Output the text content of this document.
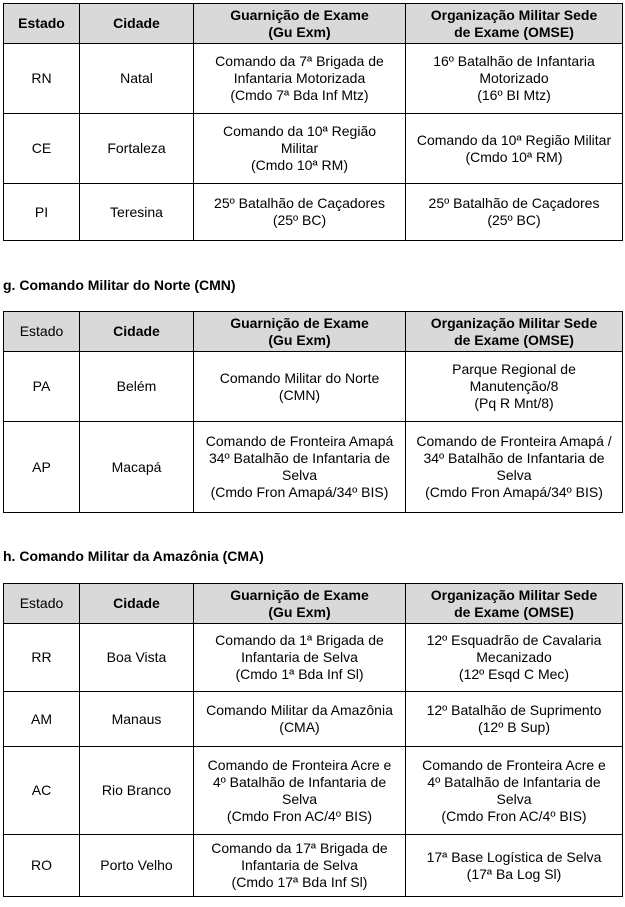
Estado	Cidade	Guarnição de Exame
(Gu Exm)	Organização Militar Sede
de Exame (OMSE)
RN	Natal	Comando da 7ª Brigada de
Infantaria Motorizada
(Cmdo 7ª Bda Inf Mtz)	16º Batalhão de Infantaria
Motorizado
(16º BI Mtz)
CE	Fortaleza	Comando da 10ª Região
Militar
(Cmdo 10ª RM)	Comando da 10ª Região Militar
(Cmdo 10ª RM)
PI	Teresina	25º Batalhão de Caçadores
(25º BC)	25º Batalhão de Caçadores
(25º BC)
g. Comando Militar do Norte (CMN)
Estado	Cidade	Guarnição de Exame
(Gu Exm)	Organização Militar Sede
de Exame (OMSE)
PA	Belém	Comando Militar do Norte
(CMN)	Parque Regional de
Manutenção/8
(Pq R Mnt/8)
AP	Macapá	Comando de Fronteira Amapá
34º Batalhão de Infantaria de
Selva
(Cmdo Fron Amapá/34º BIS)	Comando de Fronteira Amapá /
34º Batalhão de Infantaria de
Selva
(Cmdo Fron Amapá/34º BIS)
h. Comando Militar da Amazônia (CMA)
Estado	Cidade	Guarnição de Exame
(Gu Exm)	Organização Militar Sede
de Exame (OMSE)
RR	Boa Vista	Comando da 1ª Brigada de
Infantaria de Selva
(Cmdo 1ª Bda Inf Sl)	12º Esquadrão de Cavalaria
Mecanizado
(12º Esqd C Mec)
AM	Manaus	Comando Militar da Amazônia
(CMA)	12º Batalhão de Suprimento
(12º B Sup)
AC	Rio Branco	Comando de Fronteira Acre e
4º Batalhão de Infantaria de
Selva
(Cmdo Fron AC/4º BIS)	Comando de Fronteira Acre e
4º Batalhão de Infantaria de
Selva
(Cmdo Fron AC/4º BIS)
RO	Porto Velho	Comando da 17ª Brigada de
Infantaria de Selva
(Cmdo 17ª Bda Inf Sl)	17ª Base Logística de Selva
(17ª Ba Log Sl)
